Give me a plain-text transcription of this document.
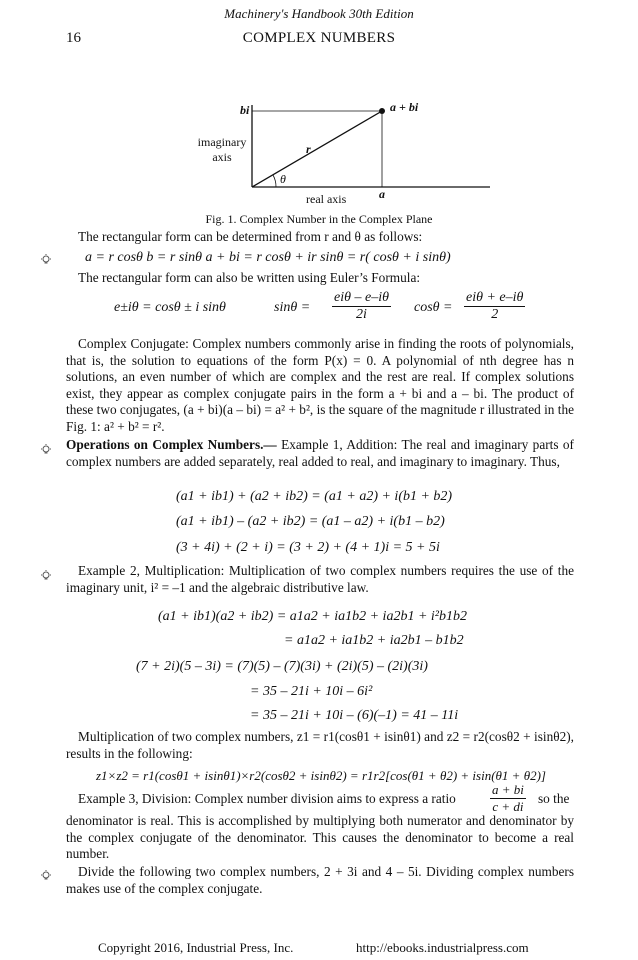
Machinery's Handbook 30th Edition
16	COMPLEX NUMBERS
bi	a + bi
imaginary
axis
r
θ
real axis	a
Fig. 1. Complex Number in the Complex Plane
The rectangular form can be determined from r and θ as follows:
a = r cosθ b = r sinθ a + bi = r cosθ + ir sinθ = r( cosθ + i sinθ)
The rectangular form can also be written using Euler’s Formula:
e±iθ = cosθ ± i sinθ	sinθ =
eiθ – e–iθ
2i	cosθ =
eiθ + e–iθ
2
Complex Conjugate: Complex numbers commonly arise in finding the roots of polynomials, that is, the solution to equations of the form P(x) = 0. A polynomial of nth degree has n solutions, an even number of which are complex and the rest are real. If complex solutions exist, they appear as complex conjugate pairs in the form a + bi and a – bi. The product of these two conjugates, (a + bi)(a – bi) = a² + b², is the square of the magnitude r illustrated in the Fig. 1: a² + b² = r².
Operations on Complex Numbers.— Example 1, Addition: The real and imaginary parts of complex numbers are added separately, real added to real, and imaginary to imaginary. Thus,
(a1 + ib1) + (a2 + ib2) = (a1 + a2) + i(b1 + b2)
(a1 + ib1) – (a2 + ib2) = (a1 – a2) + i(b1 – b2)
(3 + 4i) + (2 + i) = (3 + 2) + (4 + 1)i = 5 + 5i
Example 2, Multiplication: Multiplication of two complex numbers requires the use of the imaginary unit, i² = –1 and the algebraic distributive law.
(a1 + ib1)(a2 + ib2) = a1a2 + ia1b2 + ia2b1 + i²b1b2
= a1a2 + ia1b2 + ia2b1 – b1b2
(7 + 2i)(5 – 3i) = (7)(5) – (7)(3i) + (2i)(5) – (2i)(3i)
= 35 – 21i + 10i – 6i²
= 35 – 21i + 10i – (6)(–1) = 41 – 11i
Multiplication of two complex numbers, z1 = r1(cosθ1 + isinθ1) and z2 = r2(cosθ2 + isinθ2), results in the following:
z1×z2 = r1(cosθ1 + isinθ1)×r2(cosθ2 + isinθ2) = r1r2[cos(θ1 + θ2) + isin(θ1 + θ2)]
Example 3, Division: Complex number division aims to express a ratio	$\frac{a + bi}{c + di}$ so the
denominator is real. This is accomplished by multiplying both numerator and denominator by the complex conjugate of the denominator. This causes the denominator to become a real number.
Divide the following two complex numbers, 2 + 3i and 4 – 5i. Dividing complex numbers makes use of the complex conjugate.
Copyright 2016, Industrial Press, Inc.	http://ebooks.industrialpress.com
